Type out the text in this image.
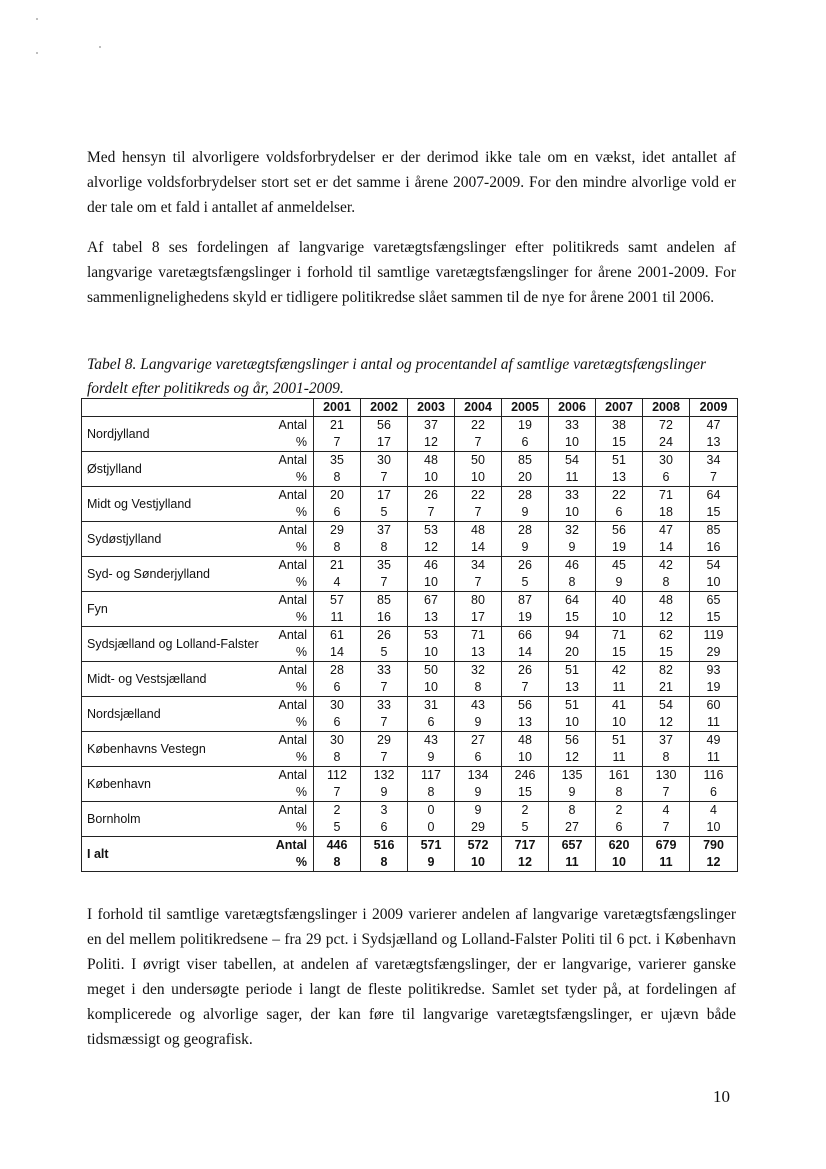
Med hensyn til alvorligere voldsforbrydelser er der derimod ikke tale om en vækst, idet antallet af alvorlige voldsforbrydelser stort set er det samme i årene 2007-2009. For den mindre alvorlige vold er der tale om et fald i antallet af anmeldelser.

Af tabel 8 ses fordelingen af langvarige varetægtsfængslinger efter politikreds samt andelen af langvarige varetægtsfængslinger i forhold til samtlige varetægtsfængslinger for årene 2001-2009. For sammenlignelighedens skyld er tidligere politikredse slået sammen til de nye for årene 2001 til 2006.

Tabel 8. Langvarige varetægtsfængslinger i antal og procentandel af samtlige varetægtsfængslinger fordelt efter politikreds og år, 2001-2009.

		2001	2002	2003	2004	2005	2006	2007	2008	2009
Nordjylland	Antal	21	56	37	22	19	33	38	72	47
	%	7	17	12	7	6	10	15	24	13
Østjylland	Antal	35	30	48	50	85	54	51	30	34
	%	8	7	10	10	20	11	13	6	7
Midt og Vestjylland	Antal	20	17	26	22	28	33	22	71	64
	%	6	5	7	7	9	10	6	18	15
Sydøstjylland	Antal	29	37	53	48	28	32	56	47	85
	%	8	8	12	14	9	9	19	14	16
Syd- og Sønderjylland	Antal	21	35	46	34	26	46	45	42	54
	%	4	7	10	7	5	8	9	8	10
Fyn	Antal	57	85	67	80	87	64	40	48	65
	%	11	16	13	17	19	15	10	12	15
Sydsjælland og Lolland-Falster	Antal	61	26	53	71	66	94	71	62	119
	%	14	5	10	13	14	20	15	15	29
Midt- og Vestsjælland	Antal	28	33	50	32	26	51	42	82	93
	%	6	7	10	8	7	13	11	21	19
Nordsjælland	Antal	30	33	31	43	56	51	41	54	60
	%	6	7	6	9	13	10	10	12	11
Københavns Vestegn	Antal	30	29	43	27	48	56	51	37	49
	%	8	7	9	6	10	12	11	8	11
København	Antal	112	132	117	134	246	135	161	130	116
	%	7	9	8	9	15	9	8	7	6
Bornholm	Antal	2	3	0	9	2	8	2	4	4
	%	5	6	0	29	5	27	6	7	10
I alt	Antal	446	516	571	572	717	657	620	679	790
	%	8	8	9	10	12	11	10	11	12

I forhold til samtlige varetægtsfængslinger i 2009 varierer andelen af langvarige varetægtsfængslinger en del mellem politikredsene – fra 29 pct. i Sydsjælland og Lolland-Falster Politi til 6 pct. i København Politi. I øvrigt viser tabellen, at andelen af varetægtsfængslinger, der er langvarige, varierer ganske meget i den undersøgte periode i langt de fleste politikredse. Samlet set tyder på, at fordelingen af komplicerede og alvorlige sager, der kan føre til langvarige varetægtsfængslinger, er ujævn både tidsmæssigt og geografisk.

10
